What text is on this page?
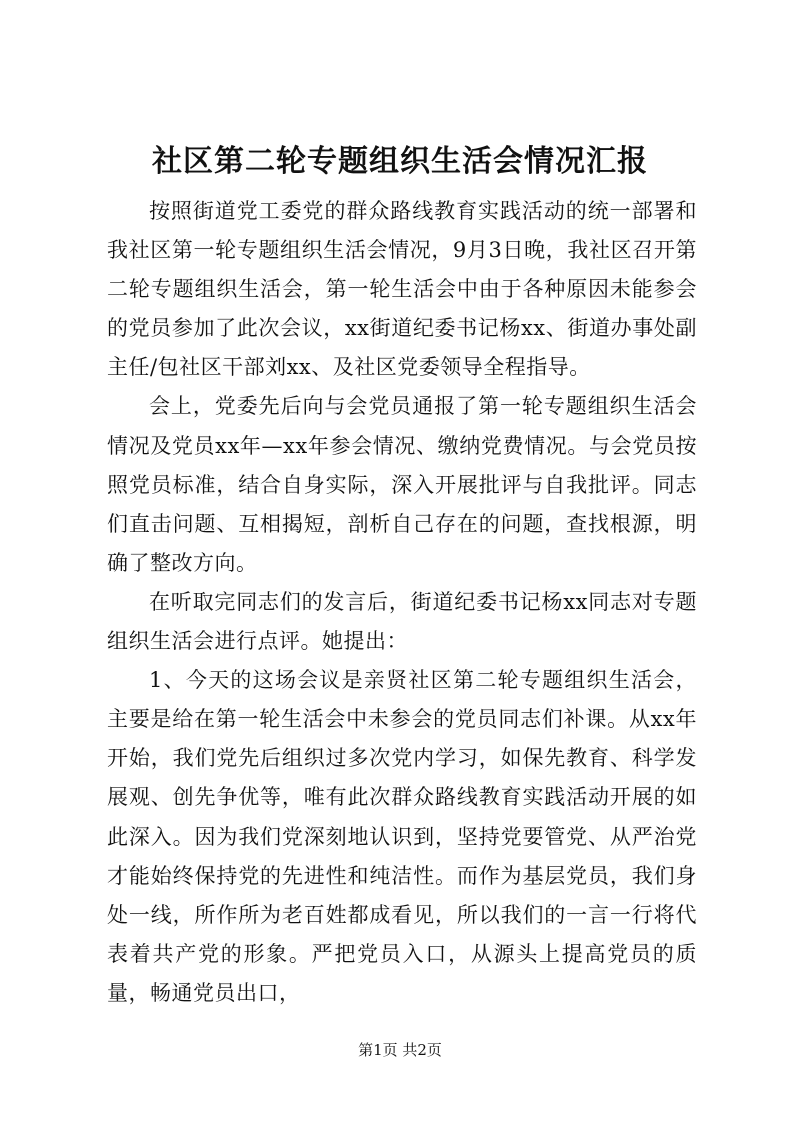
社区第二轮专题组织生活会情况汇报

按照街道党工委党的群众路线教育实践活动的统一部署和我社区第一轮专题组织生活会情况，9月3日晚，我社区召开第二轮专题组织生活会，第一轮生活会中由于各种原因未能参会的党员参加了此次会议，xx街道纪委书记杨xx、街道办事处副主任/包社区干部刘xx、及社区党委领导全程指导。

会上，党委先后向与会党员通报了第一轮专题组织生活会情况及党员xx年—xx年参会情况、缴纳党费情况。与会党员按照党员标准，结合自身实际，深入开展批评与自我批评。同志们直击问题、互相揭短，剖析自己存在的问题，查找根源，明确了整改方向。

在听取完同志们的发言后，街道纪委书记杨xx同志对专题组织生活会进行点评。她提出：

1、今天的这场会议是亲贤社区第二轮专题组织生活会，主要是给在第一轮生活会中未参会的党员同志们补课。从xx年开始，我们党先后组织过多次党内学习，如保先教育、科学发展观、创先争优等，唯有此次群众路线教育实践活动开展的如此深入。因为我们党深刻地认识到，坚持党要管党、从严治党才能始终保持党的先进性和纯洁性。而作为基层党员，我们身处一线，所作所为老百姓都成看见，所以我们的一言一行将代表着共产党的形象。严把党员入口，从源头上提高党员的质量，畅通党员出口，

第1页 共2页
